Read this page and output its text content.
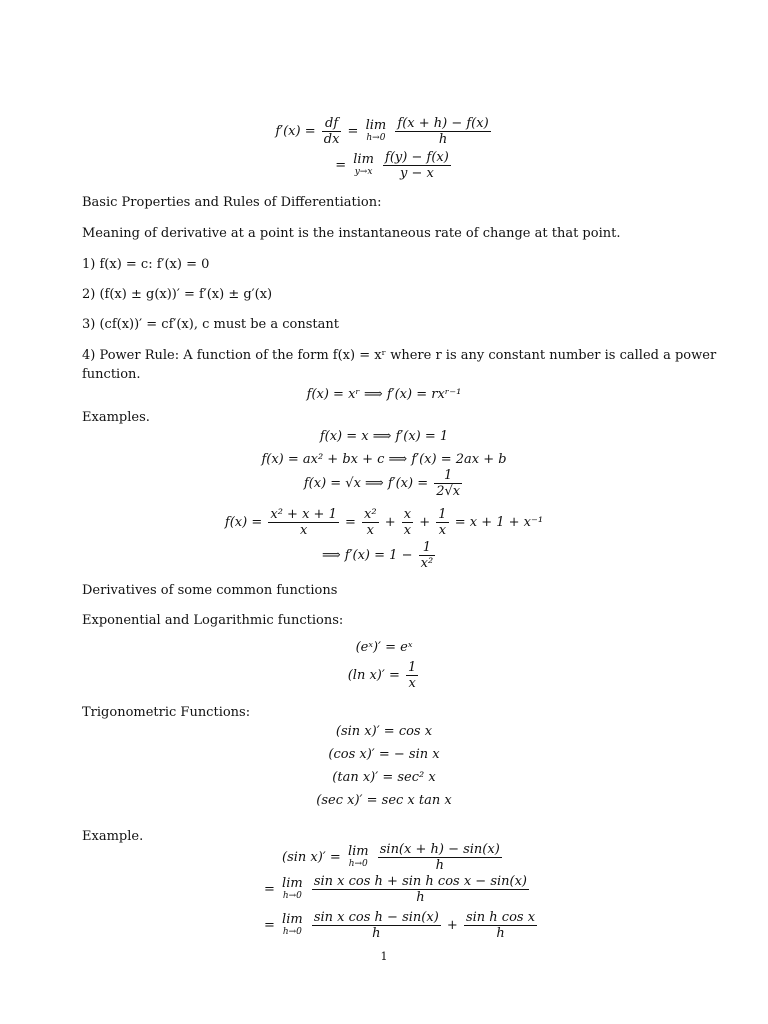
$f'(x) = \frac{df}{dx} = \lim$
h→0
$\frac{f(x + h) - f(x)}{h}$
= lim
y→x
$\frac{f(y) - f(x)}{y - x}$
Basic Properties and Rules of Differentiation:
Meaning of derivative at a point is the instantaneous rate of change at that point.
1) f(x) = c: f′(x) = 0
2) (f(x) ± g(x))′ = f′(x) ± g′(x)
3) (cf(x))′ = cf′(x), c must be a constant
4) Power Rule: A function of the form f(x) = xʳ where r is any constant number is called a power
function.
f(x) = xʳ ⟹ f′(x) = rxʳ⁻¹
Examples.
f(x) = x ⟹ f′(x) = 1
f(x) = ax² + bx + c ⟹ f′(x) = 2ax + b
f(x) = √x ⟹ $f'(x) = \frac{1}{2√x}$
$f(x) = \frac{\text{x² + x + 1}}{x} = \frac{\text{x²}}{x} + \frac{x}{x} + \frac{1}{x} = x + 1 + x^{-1}$
⟹ $f'(x) = 1 - \frac{1}{\text{x²}}$
Derivatives of some common functions
Exponential and Logarithmic functions:
(eˣ)′ = eˣ
(ln $x)' = \frac{1}{x}$
Trigonometric Functions:
(sin x)′ = cos x
(cos x)′ = − sin x
(tan x)′ = sec² x
(sec x)′ = sec x tan x
Example.
(sin x)′ = lim
h→0
$\frac{\sin(x + h) - \sin(x)}{h}$
= lim
h→0
$\frac{\text{sin x cos h + sin h cos x − sin(x)}}{h}$
= lim
h→0
$\frac{\text{sin x cos h − sin(x)}}{h} + \frac{\text{sin h cos x}}{h}$
1
